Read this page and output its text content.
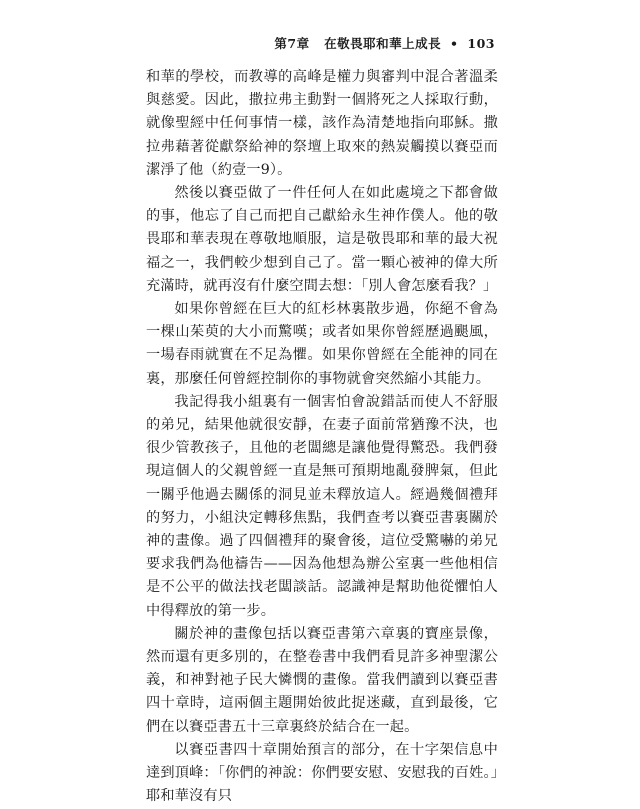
第7章 在敬畏耶和華上成長 • 103

和華的學校，而教導的高峰是權力與審判中混合著溫柔與慈愛。因此，撒拉弗主動對一個將死之人採取行動，就像聖經中任何事情一樣，該作為清楚地指向耶穌。撒拉弗藉著從獻祭給神的祭壇上取來的熱炭觸摸以賽亞而潔淨了他（約壹一9）。

然後以賽亞做了一件任何人在如此處境之下都會做的事，他忘了自己而把自己獻給永生神作僕人。他的敬畏耶和華表現在尊敬地順服，這是敬畏耶和華的最大祝福之一，我們較少想到自己了。當一顆心被神的偉大所充滿時，就再沒有什麼空間去想：「別人會怎麼看我？」

如果你曾經在巨大的紅杉林裏散步過，你絕不會為一棵山茱萸的大小而驚嘆；或者如果你曾經歷過颶風，一場春雨就實在不足為懼。如果你曾經在全能神的同在裏，那麼任何曾經控制你的事物就會突然縮小其能力。

我記得我小組裏有一個害怕會說錯話而使人不舒服的弟兄，結果他就很安靜，在妻子面前常猶豫不決，也很少管教孩子，且他的老闆總是讓他覺得驚恐。我們發現這個人的父親曾經一直是無可預期地亂發脾氣，但此一關乎他過去關係的洞見並未釋放這人。經過幾個禮拜的努力，小組決定轉移焦點，我們查考以賽亞書裏關於神的畫像。過了四個禮拜的聚會後，這位受驚嚇的弟兄要求我們為他禱告——因為他想為辦公室裏一些他相信是不公平的做法找老闆談話。認識神是幫助他從懼怕人中得釋放的第一步。

關於神的畫像包括以賽亞書第六章裏的寶座景像，然而還有更多別的，在整卷書中我們看見許多神聖潔公義，和神對祂子民大憐憫的畫像。當我們讀到以賽亞書四十章時，這兩個主題開始彼此捉迷藏，直到最後，它們在以賽亞書五十三章裏終於結合在一起。

以賽亞書四十章開始預言的部分，在十字架信息中達到頂峰：「你們的神說：你們要安慰、安慰我的百姓。」耶和華沒有只
